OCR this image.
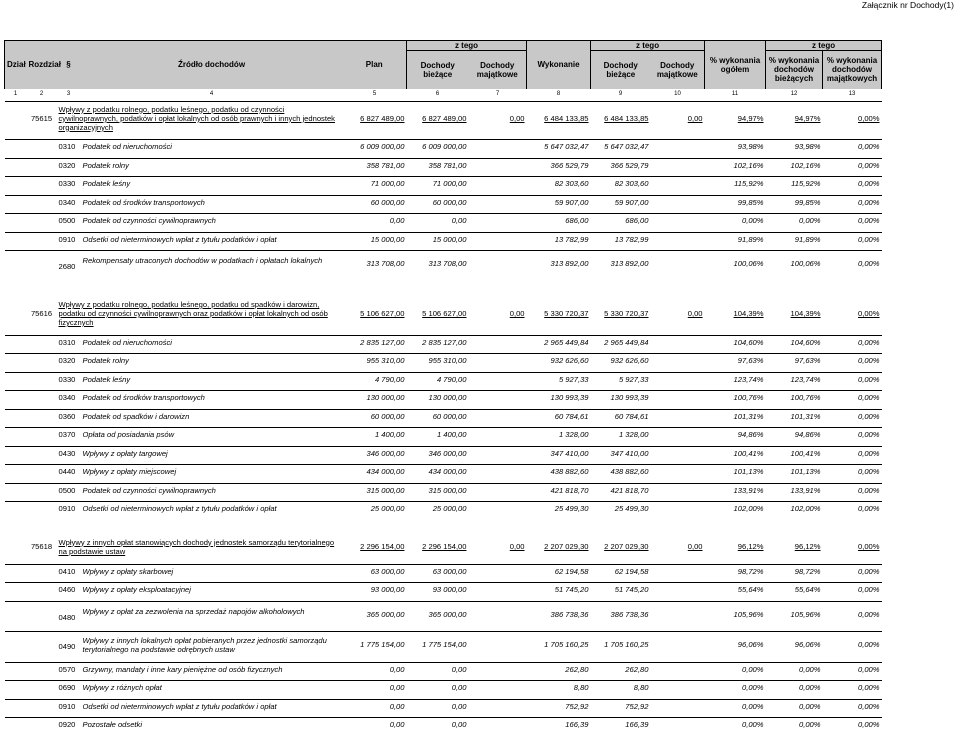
Załącznik nr Dochody(1)
Dział	Rozdział	§	Źródło dochodów	Plan	z tego		Wykonanie	z tego		% wykonania ogółem	z tego	
					Dochody bieżące	Dochody majątkowe		Dochody bieżące	Dochody majątkowe		% wykonania dochodów bieżących	% wykonania dochodów majątkowych
1	2	3	4	5	6	7	8	9	10	11	12	13
	75615	Wpływy z podatku rolnego, podatku leśnego, podatku od czynności cywilnoprawnych, podatków i opłat lokalnych od osób prawnych i innych jednostek organizacyjnych		6 827 489,00	6 827 489,00	0,00	6 484 133,85	6 484 133,85	0,00	94,97%	94,97%	0,00%

		0310 Podatek od nieruchomości		6 009 000,00	6 009 000,00		5 647 032,47	5 647 032,47		93,98%	93,98%	0,00%

		0320 Podatek rolny		358 781,00	358 781,00		366 529,79	366 529,79		102,16%	102,16%	0,00%

		0330 Podatek leśny		71 000,00	71 000,00		82 303,60	82 303,60		115,92%	115,92%	0,00%

		0340 Podatek od środków transportowych		60 000,00	60 000,00		59 907,00	59 907,00		99,85%	99,85%	0,00%

		0500 Podatek od czynności cywilnoprawnych		0,00	0,00		686,00	686,00		0,00%	0,00%	0,00%

		0910 Odsetki od nieterminowych wpłat z tytułu podatków i opłat		15 000,00	15 000,00		13 782,99	13 782,99		91,89%	91,89%	0,00%

		2680Rekompensaty utraconych dochodów w podatkach i opłatach lokalnych		313 708,00	313 708,00		313 892,00	313 892,00		100,06%	100,06%	0,00%

	75616	Wpływy z podatku rolnego, podatku leśnego, podatku od spadków i darowizn, podatku od czynności cywilnoprawnych oraz podatków i opłat lokalnych od osób fizycznych		5 106 627,00	5 106 627,00	0,00	5 330 720,37	5 330 720,37	0,00	104,39%	104,39%	0,00%

		0310 Podatek od nieruchomości		2 835 127,00	2 835 127,00		2 965 449,84	2 965 449,84		104,60%	104,60%	0,00%

		0320 Podatek rolny		955 310,00	955 310,00		932 626,60	932 626,60		97,63%	97,63%	0,00%

		0330 Podatek leśny		4 790,00	4 790,00		5 927,33	5 927,33		123,74%	123,74%	0,00%

		0340 Podatek od środków transportowych		130 000,00	130 000,00		130 993,39	130 993,39		100,76%	100,76%	0,00%

		0360 Podatek od spadków i darowizn		60 000,00	60 000,00		60 784,61	60 784,61		101,31%	101,31%	0,00%

		0370 Opłata od posiadania psów		1 400,00	1 400,00		1 328,00	1 328,00		94,86%	94,86%	0,00%

		0430 Wpływy z opłaty targowej		346 000,00	346 000,00		347 410,00	347 410,00		100,41%	100,41%	0,00%

		0440 Wpływy z opłaty miejscowej		434 000,00	434 000,00		438 882,60	438 882,60		101,13%	101,13%	0,00%

		0500 Podatek od czynności cywilnoprawnych		315 000,00	315 000,00		421 818,70	421 818,70		133,91%	133,91%	0,00%

		0910 Odsetki od nieterminowych wpłat z tytułu podatków i opłat		25 000,00	25 000,00		25 499,30	25 499,30		102,00%	102,00%	0,00%

	75618	Wpływy z innych opłat stanowiących dochody jednostek samorządu terytorialnego na podstawie ustaw		2 296 154,00	2 296 154,00	0,00	2 207 029,30	2 207 029,30	0,00	96,12%	96,12%	0,00%

		0410 Wpływy z opłaty skarbowej		63 000,00	63 000,00		62 194,58	62 194,58		98,72%	98,72%	0,00%

		0460 Wpływy z opłaty eksploatacyjnej		93 000,00	93 000,00		51 745,20	51 745,20		55,64%	55,64%	0,00%

		0480Wpływy z opłat za zezwolenia na sprzedaż napojów alkoholowych		365 000,00	365 000,00		386 738,36	386 738,36		105,96%	105,96%	0,00%

		0490Wpływy z innych lokalnych opłat pobieranych przez jednostki samorządu terytorialnego na podstawie odrębnych ustaw		1 775 154,00	1 775 154,00		1 705 160,25	1 705 160,25		96,06%	96,06%	0,00%

		0570 Grzywny, mandaty i inne kary pieniężne od osób fizycznych		0,00	0,00		262,80	262,80		0,00%	0,00%	0,00%

		0690 Wpływy z różnych opłat		0,00	0,00		8,80	8,80		0,00%	0,00%	0,00%

		0910 Odsetki od nieterminowych wpłat z tytułu podatków i opłat		0,00	0,00		752,92	752,92		0,00%	0,00%	0,00%

		0920 Pozostałe odsetki		0,00	0,00		166,39	166,39		0,00%	0,00%	0,00%
